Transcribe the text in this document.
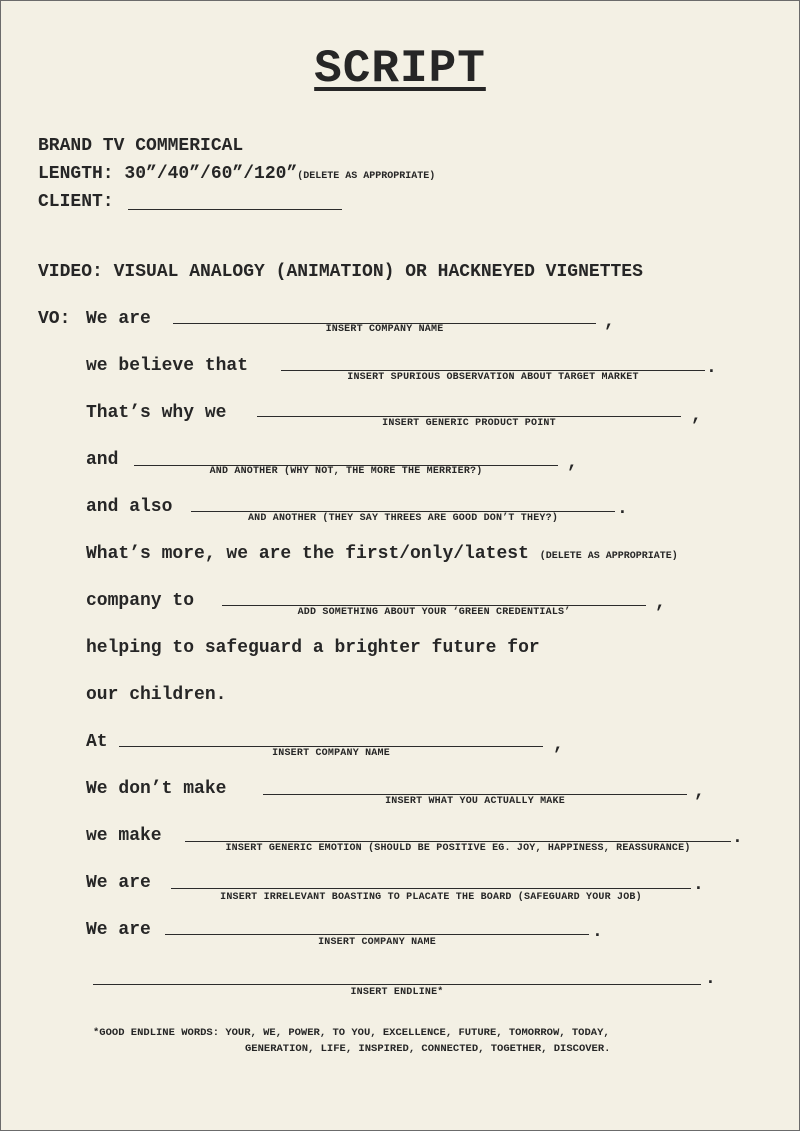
SCRIPT
BRAND TV COMMERICAL
LENGTH: 30”/40”/60”/120”(DELETE AS APPROPRIATE)
CLIENT:
VIDEO: VISUAL ANALOGY (ANIMATION) OR HACKNEYED VIGNETTES
VO: We are
INSERT COMPANY NAME	,
we believe that
INSERT SPURIOUS OBSERVATION ABOUT TARGET MARKET	.
That’s why we
INSERT GENERIC PRODUCT POINT	,
and
AND ANOTHER (WHY NOT, THE MORE THE MERRIER?)	,
and also
AND ANOTHER (THEY SAY THREES ARE GOOD DON’T THEY?)	.
What’s more, we are the first/only/latest (DELETE AS APPROPRIATE)
company to
ADD SOMETHING ABOUT YOUR ‘GREEN CREDENTIALS’	,
helping to safeguard a brighter future for
our children.
At
INSERT COMPANY NAME	,
We don’t make
INSERT WHAT YOU ACTUALLY MAKE	,
we make
INSERT GENERIC EMOTION (SHOULD BE POSITIVE EG. JOY, HAPPINESS, REASSURANCE)
.
We are
INSERT IRRELEVANT BOASTING TO PLACATE THE BOARD (SAFEGUARD YOUR JOB)
.
We are
INSERT COMPANY NAME
.
INSERT ENDLINE*
.
*GOOD ENDLINE WORDS: YOUR, WE, POWER, TO YOU, EXCELLENCE, FUTURE, TOMORROW, TODAY,
GENERATION, LIFE, INSPIRED, CONNECTED, TOGETHER, DISCOVER.
